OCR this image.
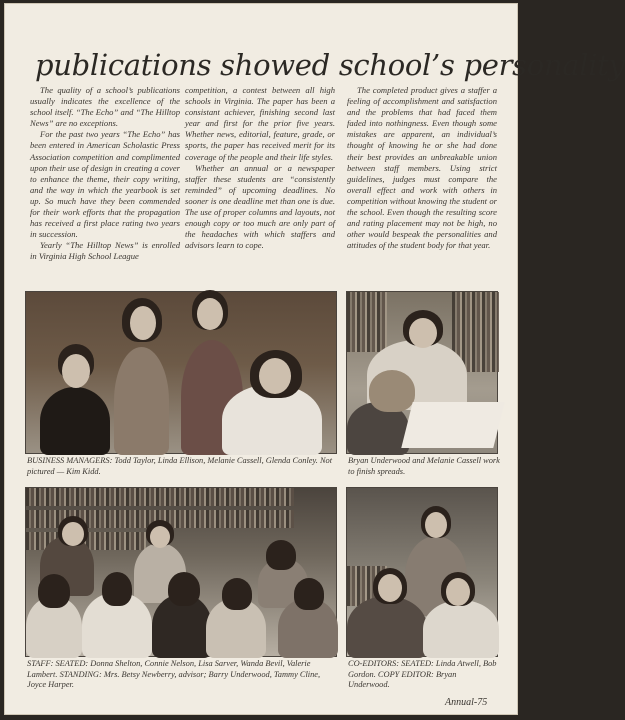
publications showed school’s personality

The quality of a school’s publications usually indicates the excellence of the school itself. “The Echo” and “The Hilltop News” are no exceptions.

For the past two years “The Echo” has been entered in American Scholastic Press Association competition and complimented upon their use of design in creating a cover to enhance the theme, their copy writing, and the way in which the yearbook is set up. So much have they been commended for their work efforts that the propagation has received a first place rating two years in succession.

Yearly “The Hilltop News” is enrolled in Virginia High School League

competition, a contest between all high schools in Virginia. The paper has been a consistant achiever, finishing second last year and first for the prior five years. Whether news, editorial, feature, grade, or sports, the paper has received merit for its coverage of the people and their life styles.

Whether an annual or a newspaper staffer these students are “consistently reminded” of upcoming deadlines. No sooner is one deadline met than one is due. The use of proper columns and layouts, not enough copy or too much are only part of the headaches with which staffers and advisors learn to cope.

The completed product gives a staffer a feeling of accomplishment and satisfaction and the problems that had faced them faded into nothingness. Even though some mistakes are apparent, an individual’s thought of knowing he or she had done their best provides an unbreakable union between staff members. Using strict guidelines, judges must compare the overall effect and work with others in competition without knowing the student or the school. Even though the resulting score and rating placement may not be high, no other would bespeak the personalities and attitudes of the student body for that year.

BUSINESS MANAGERS: Todd Taylor, Linda Ellison, Melanie Cassell, Glenda Conley. Not pictured — Kim Kidd.
Bryan Underwood and Melanie Cassell work to finish spreads.
STAFF: SEATED: Donna Shelton, Connie Nelson, Lisa Sarver, Wanda Bevil, Valerie Lambert. STANDING: Mrs. Betsy Newberry, advisor; Barry Underwood, Tammy Cline, Joyce Harper.
CO-EDITORS: SEATED: Linda Atwell, Bob Gordon. COPY EDITOR: Bryan Underwood.
Annual-75
